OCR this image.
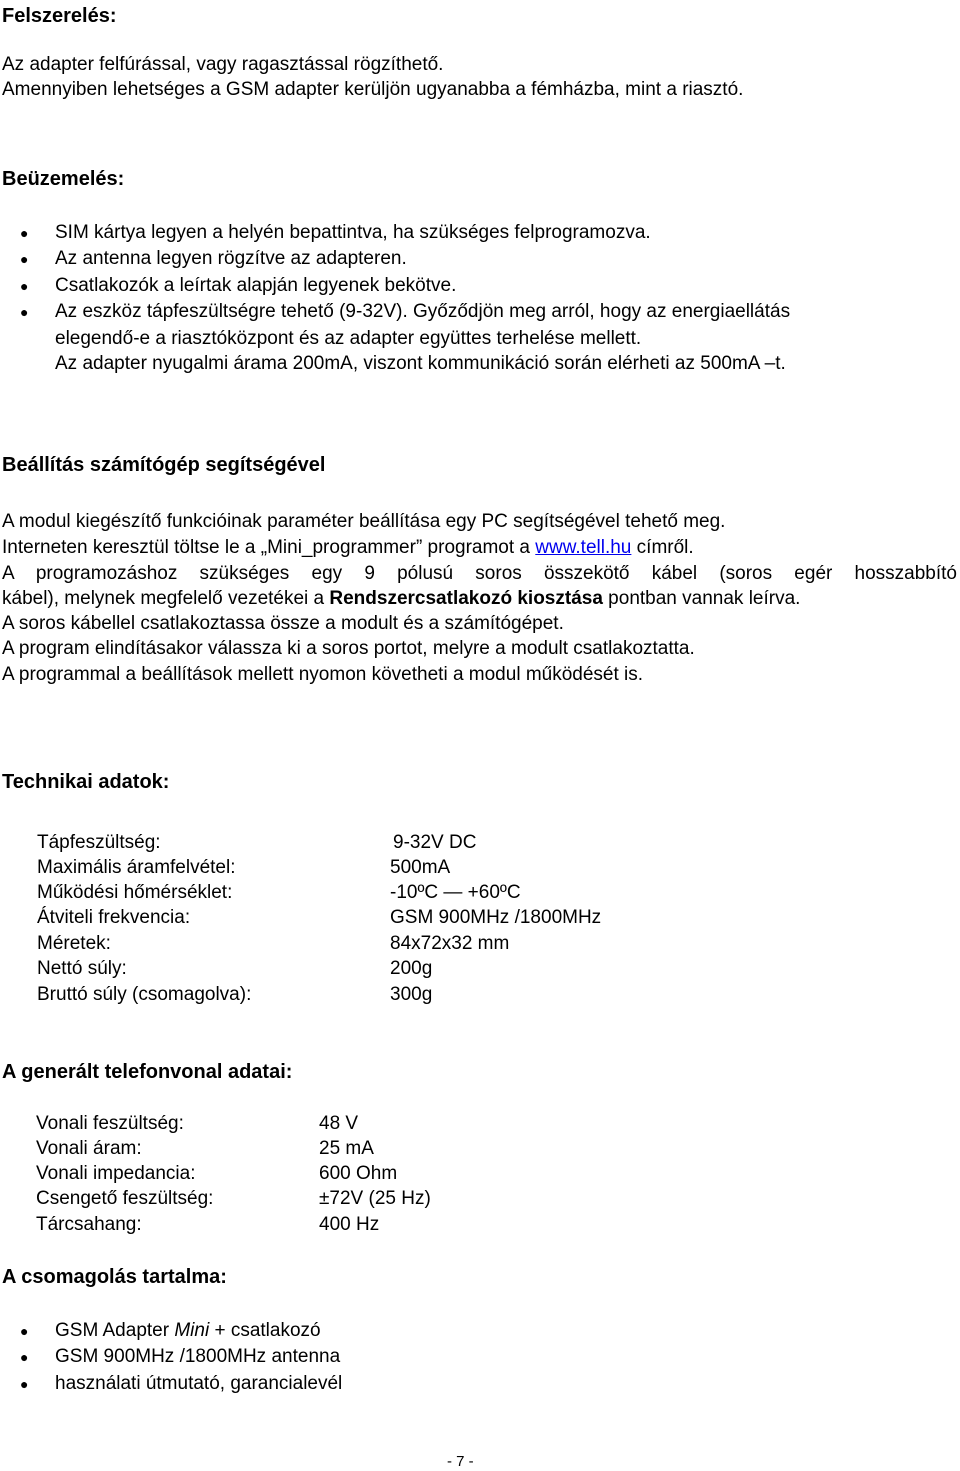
Felszerelés:
Az adapter felfúrással, vagy ragasztással rögzíthető.
Amennyiben lehetséges a GSM adapter kerüljön ugyanabba a fémházba, mint a riasztó.
Beüzemelés:
● SIM kártya legyen a helyén bepattintva, ha szükséges felprogramozva.
● Az antenna legyen rögzítve az adapteren.
● Csatlakozók a leírtak alapján legyenek bekötve.
● Az eszköz tápfeszültségre tehető (9-32V). Győződjön meg arról, hogy az energiaellátás
elegendő-e a riasztóközpont és az adapter együttes terhelése mellett.
Az adapter nyugalmi árama 200mA, viszont kommunikáció során elérheti az 500mA –t.
Beállítás számítógép segítségével
A modul kiegészítő funkcióinak paraméter beállítása egy PC segítségével tehető meg.
Interneten keresztül töltse le a „Mini_programmer” programot a www.tell.hu címről.
A programozáshoz szükséges egy 9 pólusú soros összekötő kábel (soros egér hosszabbító
kábel), melynek megfelelő vezetékei a Rendszercsatlakozó kiosztása pontban vannak leírva.
A soros kábellel csatlakoztassa össze a modult és a számítógépet.
A program elindításakor válassza ki a soros portot, melyre a modult csatlakoztatta.
A programmal a beállítások mellett nyomon követheti a modul működését is.
Technikai adatok:
Tápfeszültség:	9-32V DC
Maximális áramfelvétel:	500mA
Működési hőmérséklet:	-10ºC — +60ºC
Átviteli frekvencia:	GSM 900MHz /1800MHz
Méretek:	84x72x32 mm
Nettó súly:	200g
Bruttó súly (csomagolva):	300g
A generált telefonvonal adatai:
Vonali feszültség:	48 V
Vonali áram:	25 mA
Vonali impedancia:	600 Ohm
Csengető feszültség:	±72V (25 Hz)
Tárcsahang:	400 Hz
A csomagolás tartalma:
● GSM Adapter Mini + csatlakozó
● GSM 900MHz /1800MHz antenna
● használati útmutató, garancialevél
- 7 -
